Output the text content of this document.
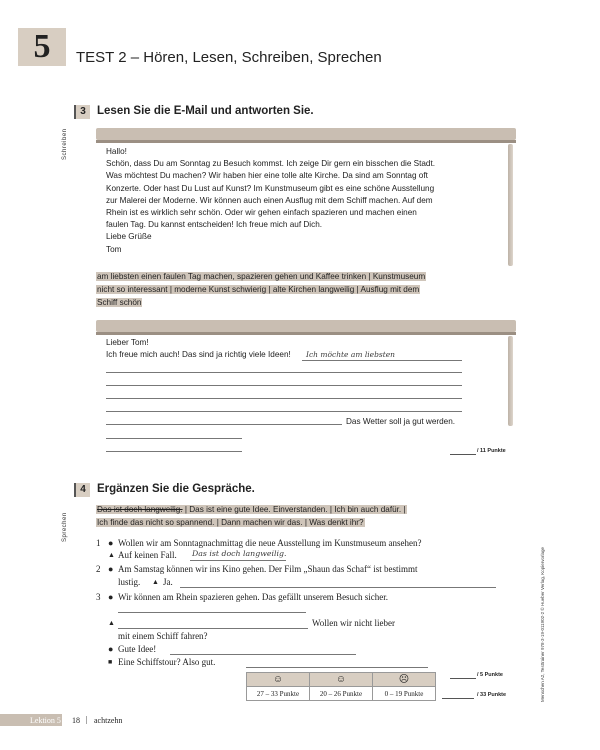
5	TEST 2 – Hören, Lesen, Schreiben, Sprechen
3 Lesen Sie die E-Mail und antworten Sie.
Schreiben	Hallo!
Schön, dass Du am Sonntag zu Besuch kommst. Ich zeige Dir gern ein bisschen die Stadt.
Was möchtest Du machen? Wir haben hier eine tolle alte Kirche. Da sind am Sonntag oft
Konzerte. Oder hast Du Lust auf Kunst? Im Kunstmuseum gibt es eine schöne Ausstellung
zur Malerei der Moderne. Wir können auch einen Ausflug mit dem Schiff machen. Auf dem
Rhein ist es wirklich sehr schön. Oder wir gehen einfach spazieren und machen einen
faulen Tag. Du kannst entscheiden! Ich freue mich auf Dich.
Liebe Grüße
Tom
am liebsten einen faulen Tag machen, spazieren gehen und Kaffee trinken | Kunstmuseum
nicht so interessant | moderne Kunst schwierig | alte Kirchen langweilig | Ausflug mit dem
Schiff schön
Lieber Tom!
Ich freue mich auch! Das sind ja richtig viele Ideen! Ich möchte am liebsten
Das Wetter soll ja gut werden.
/ 11 Punkte
4 Ergänzen Sie die Gespräche.
Sprechen
Das ist doch langweilig. | Das ist eine gute Idee. Einverstanden. | Ich bin auch dafür. |
Ich finde das nicht so spannend. | Dann machen wir das. | Was denkt ihr?
1 ● Wollen wir am Sonntagnachmittag die neue Ausstellung im Kunstmuseum ansehen?
▲ Auf keinen Fall. Das ist doch langweilig.
2 ● Am Samstag können wir ins Kino gehen. Der Film „Shaun das Schaf“ ist bestimmt
lustig. ▲ Ja.
3 ● Wir können am Rhein spazieren gehen. Das gefällt unserem Besuch sicher.
▲	Wollen wir nicht lieber
mit einem Schiff fahren?
● Gute Idee!
■ Eine Schiffstour? Also gut.
☺	☺	☹
27 – 33 Punkte	20 – 26 Punkte	0 – 19 Punkte
/ 5 Punkte
/ 33 Punkte	Menschen A2, Testtrainer 978-3-19-011902-2 © Hueber Verlag, Kopiervorlage
Lektion 5 18 | achtzehn
